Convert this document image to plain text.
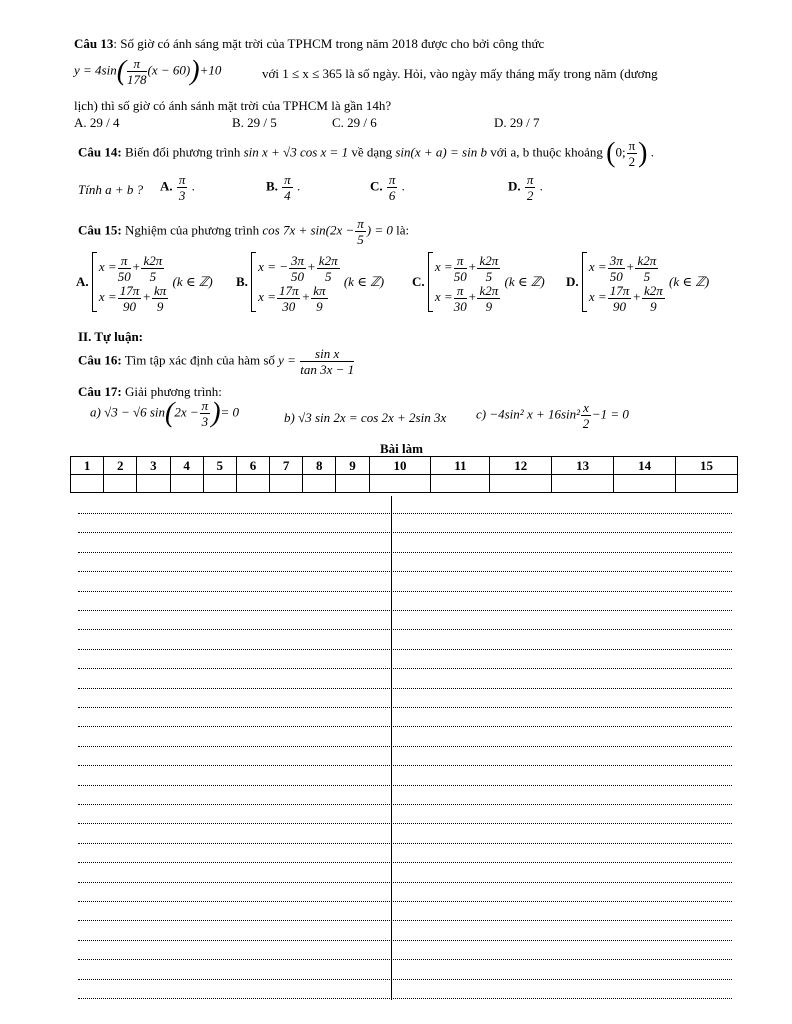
Câu 13: Số giờ có ánh sáng mặt trời của TPHCM trong năm 2018 được cho bởi công thức
$y = 4\sin( \frac{\pi}{178} (x - 60))+10$	với 1 ≤ x ≤ 365 là số ngày. Hỏi, vào ngày mấy tháng mấy trong năm (dương
lịch) thì số giờ có ánh sánh mặt trời của TPHCM là gần 14h?
A. 29 / 4	B. 29 / 5	C. 29 / 6	D. 29 / 7
Câu 14: Biến đổi phương trình sin x + √3 cos x = 1 về dạng sin(x + a) = sin b với a, b thuộc khoảng (0; $\frac{\pi}{2}$ ) .
Tính a + b ? A. $\frac{\pi}{3}$ .	B. $\frac{\pi}{4}$ .	C. $\frac{\pi}{6}$ .	D. $\frac{\pi}{2}$ .
Câu 15: Nghiệm của phương trình $\cos 7x + \sin(2x - \frac{\pi}{5}$ ) = 0 là:
A.
$x = \frac{\pi}{50} + \frac{k2\pi}{5}$
$x = \frac{17\pi}{90} + \frac{k\pi}{9}$
(k ∈ ℤ) B.
x = − $\frac{3\pi}{50} + \frac{k2\pi}{5}$
$x = \frac{17\pi}{30} + \frac{k\pi}{9}$
(k ∈ ℤ) C.
$x = \frac{\pi}{50} + \frac{k2\pi}{5}$
$x = \frac{\pi}{30} + \frac{k2\pi}{9}$
(k ∈ ℤ) D.
$x = \frac{3\pi}{50} + \frac{k2\pi}{5}$
$x = \frac{17\pi}{90} + \frac{k2\pi}{9}$
(k ∈ ℤ)
II. Tự luận:
Câu 16: Tìm tập xác định của hàm số $y = \frac{\text{sin x}}{\tan 3x - 1}$
Câu 17: Giải phương trình:
a) √3 − √6 $\sin(2x - \frac{\pi}{3}$ )= 0	b) √3 sin 2x = cos 2x + 2sin 3x c) −4sin² $x + 16\sin^2 \frac{x}{2} -1 = 0$
Bài làm
1	2	3	4	5	6	7	8	9	10	11	12	13	14	15
